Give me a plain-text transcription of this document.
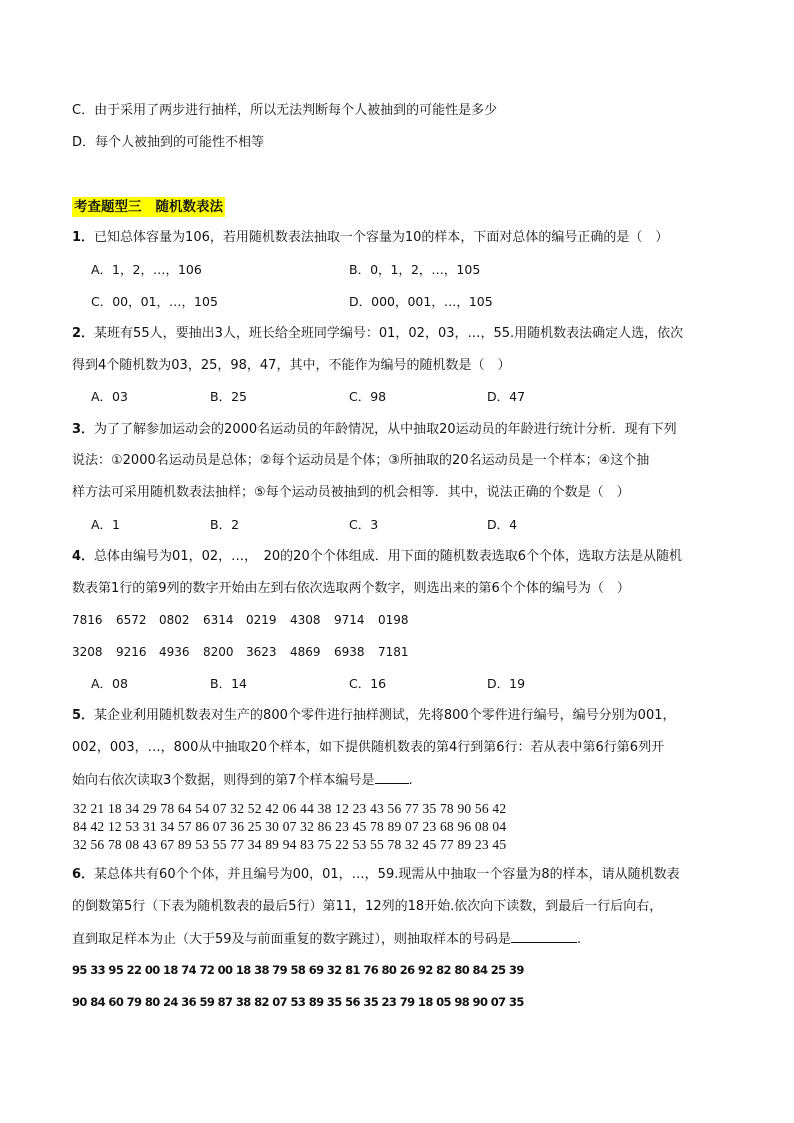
C．由于采用了两步进行抽样，所以无法判断每个人被抽到的可能性是多少
D．每个人被抽到的可能性不相等
考查题型三 随机数表法
1．已知总体容量为106，若用随机数表法抽取一个容量为10的样本，下面对总体的编号正确的是（　）
A．1，2，…，106	B．0，1，2，…，105
C．00，01，…，105	D．000，001，…，105
2．某班有55人，要抽出3人，班长给全班同学编号：01，02，03，…，55.用随机数表法确定人选，依次
得到4个随机数为03，25，98，47，其中，不能作为编号的随机数是（　）
A．03	B．25	C．98	D．47
3．为了了解参加运动会的2000名运动员的年龄情况，从中抽取20运动员的年龄进行统计分析．现有下列
说法：①2000名运动员是总体；②每个运动员是个体；③所抽取的20名运动员是一个样本；④这个抽
样方法可采用随机数表法抽样；⑤每个运动员被抽到的机会相等．其中，说法正确的个数是（　）
A．1	B．2	C．3	D．4
4．总体由编号为01，02，…，　20的20个个体组成．用下面的随机数表选取6个个体，选取方法是从随机
数表第1行的第9列的数字开始由左到右依次选取两个数字，则选出来的第6个个体的编号为（　）
7816 6572 0802 6314 0219 4308 9714 0198
3208 9216 4936 8200 3623 4869 6938 7181
A．08	B．14	C．16	D．19
5．某企业利用随机数表对生产的800个零件进行抽样测试，先将800个零件进行编号，编号分别为001，
002，003，…，800从中抽取20个样本，如下提供随机数表的第4行到第6行：若从表中第6行第6列开
始向右依次读取3个数据，则得到的第7个样本编号是	.
32 21 18 34 29 78 64 54 07 32 52 42 06 44 38 12 23 43 56 77 35 78 90 56 42
84 42 12 53 31 34 57 86 07 36 25 30 07 32 86 23 45 78 89 07 23 68 96 08 04
32 56 78 08 43 67 89 53 55 77 34 89 94 83 75 22 53 55 78 32 45 77 89 23 45
6．某总体共有60个个体，并且编号为00，01，…，59.现需从中抽取一个容量为8的样本，请从随机数表
的倒数第5行（下表为随机数表的最后5行）第11，12列的18开始.依次向下读数，到最后一行后向右，
直到取足样本为止（大于59及与前面重复的数字跳过），则抽取样本的号码是	.
95 33 95 22 00 18 74 72 00 18 38 79 58 69 32 81 76 80 26 92 82 80 84 25 39
90 84 60 79 80 24 36 59 87 38 82 07 53 89 35 56 35 23 79 18 05 98 90 07 35
